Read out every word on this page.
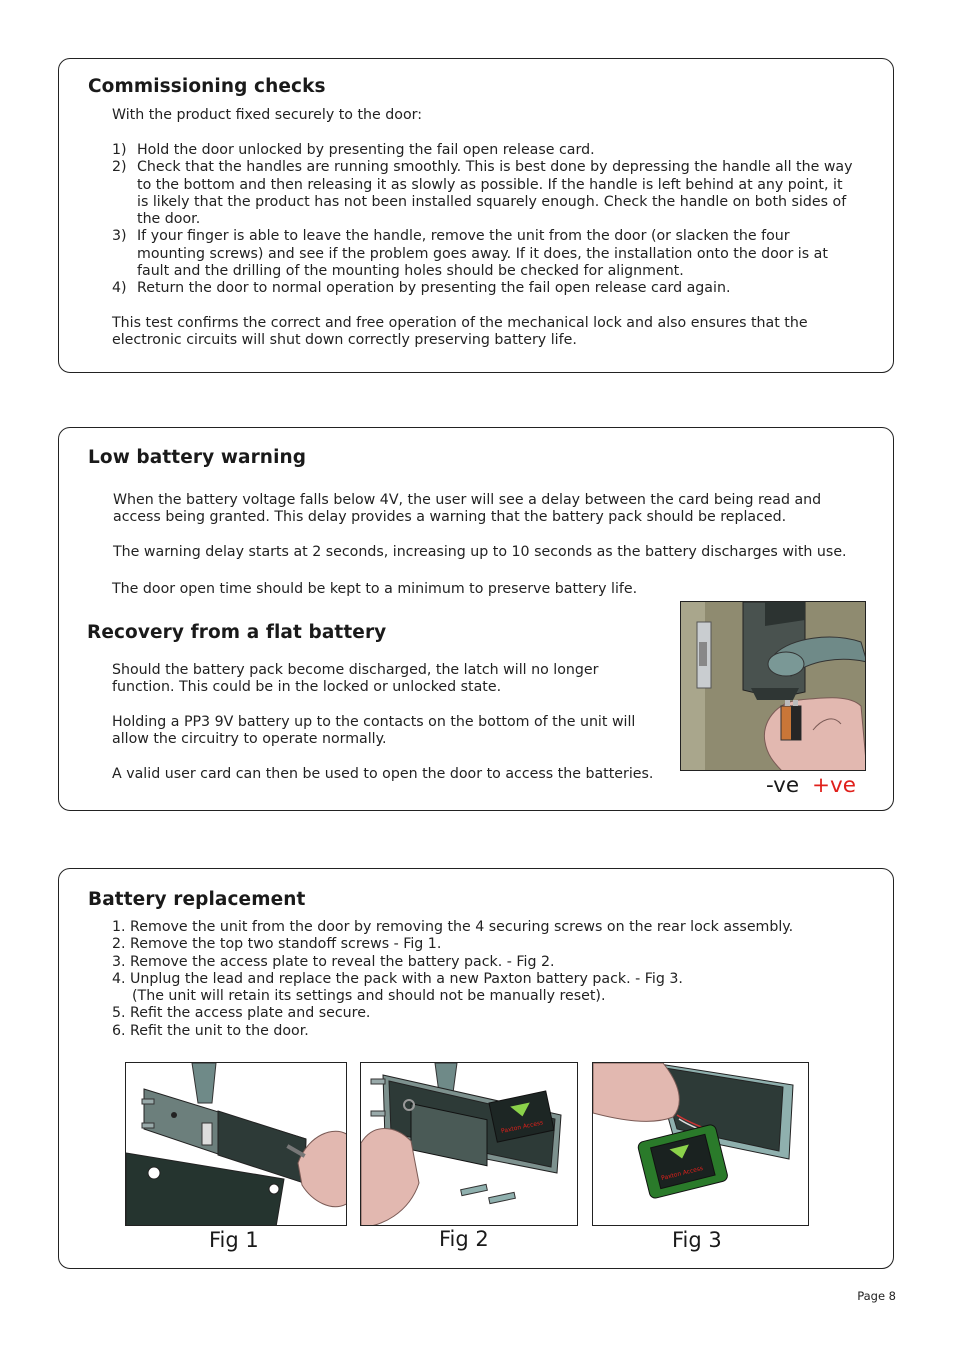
Commissioning checks
With the product fixed securely to the door:
1) Hold the door unlocked by presenting the fail open release card.
2) Check that the handles are running smoothly. This is best done by depressing the handle all the way to the bottom and then releasing it as slowly as possible. If the handle is left behind at any point, it is likely that the product has not been installed squarely enough. Check the handle on both sides of the door.
3) If your finger is able to leave the handle, remove the unit from the door (or slacken the four mounting screws) and see if the problem goes away. If it does, the installation onto the door is at fault and the drilling of the mounting holes should be checked for alignment.
4) Return the door to normal operation by presenting the fail open release card again.
This test confirms the correct and free operation of the mechanical lock and also ensures that the electronic circuits will shut down correctly preserving battery life.
Low battery warning
When the battery voltage falls below 4V, the user will see a delay between the card being read and access being granted. This delay provides a warning that the battery pack should be replaced.
The warning delay starts at 2 seconds, increasing up to 10 seconds as the battery discharges with use.
The door open time should be kept to a minimum to preserve battery life.
Recovery from a flat battery
Should the battery pack become discharged, the latch will no longer function. This could be in the locked or unlocked state.
Holding a PP3 9V battery up to the contacts on the bottom of the unit will allow the circuitry to operate normally.
A valid user card can then be used to open the door to access the batteries.	-ve +ve
Battery replacement
1. Remove the unit from the door by removing the 4 securing screws on the rear lock assembly.
2. Remove the top two standoff screws - Fig 1.
3. Remove the access plate to reveal the battery pack. - Fig 2.
4. Unplug the lead and replace the pack with a new Paxton battery pack. - Fig 3.
(The unit will retain its settings and should not be manually reset).
5. Refit the access plate and secure.
6. Refit the unit to the door.
Paxton Access
Paxton Access
Fig 1	Fig 2	Fig 3
Page 8
